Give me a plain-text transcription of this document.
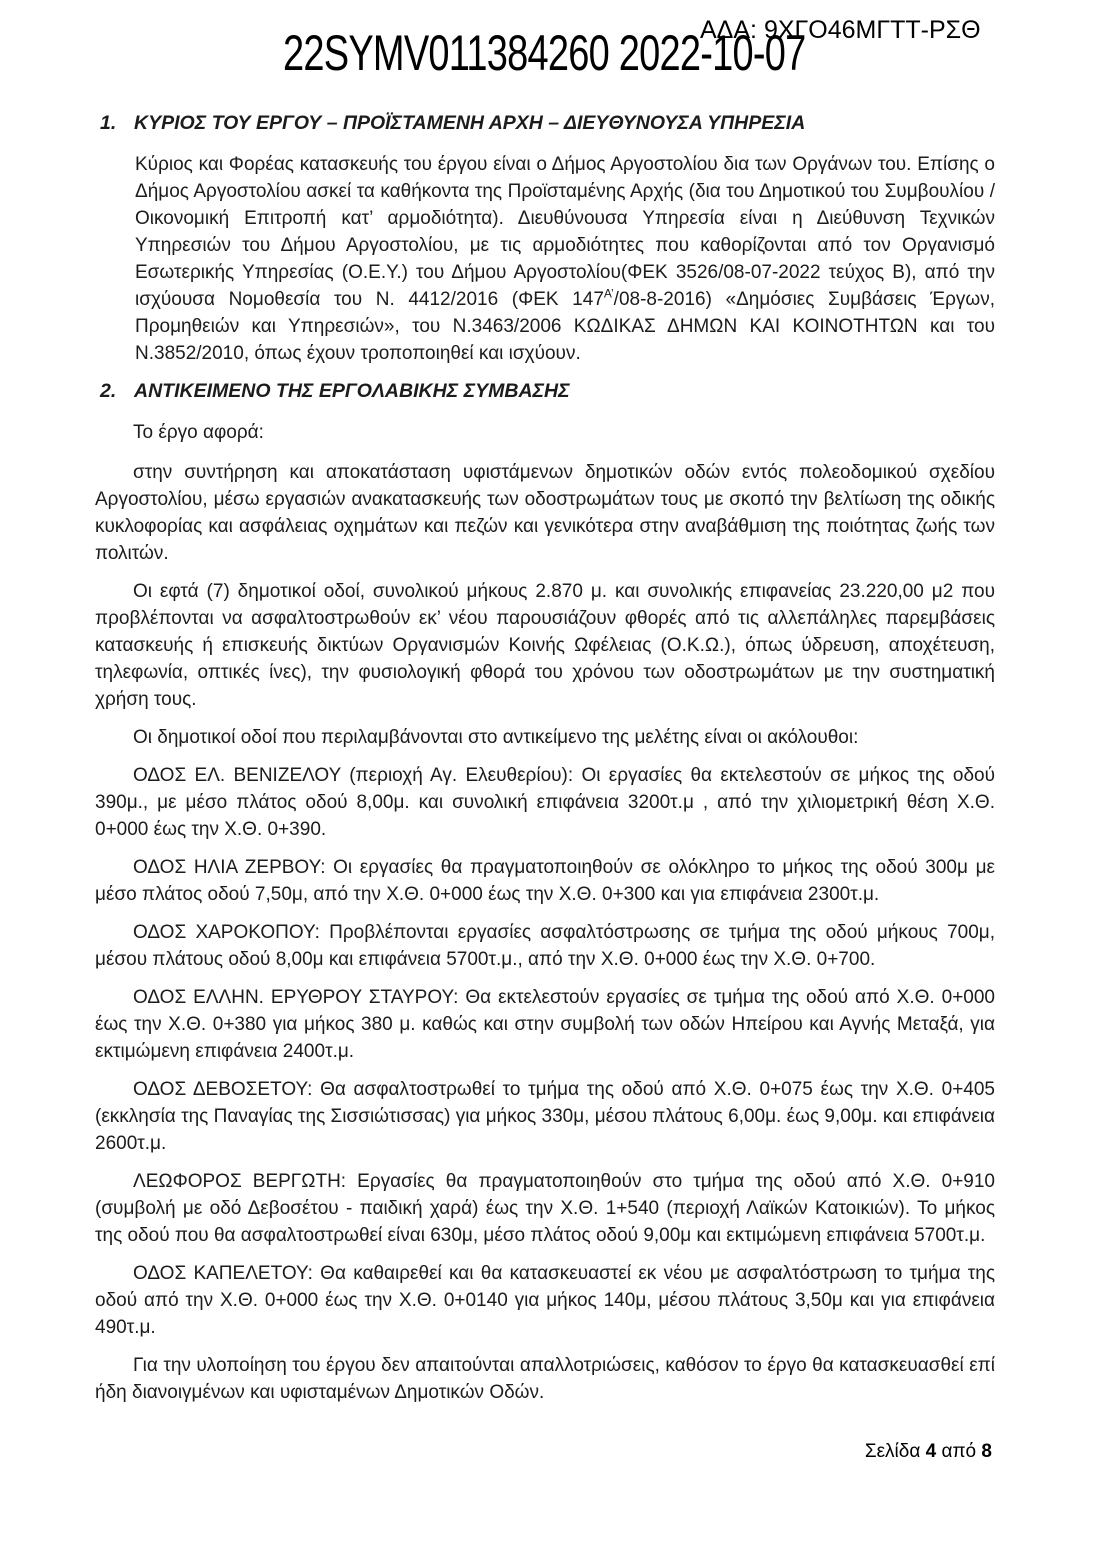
22SYMV011384260 2022-10-07
ΑΔΑ: 9ΧΓΟ46ΜΓΤΤ-ΡΣΘ
1. ΚΥΡΙΟΣ ΤΟΥ ΕΡΓΟΥ – ΠΡΟΪΣΤΑΜΕΝΗ ΑΡΧΗ – ΔΙΕΥΘΥΝΟΥΣΑ ΥΠΗΡΕΣΙΑ

Κύριος και Φορέας κατασκευής του έργου είναι ο Δήμος Αργοστολίου δια των Οργάνων του. Επίσης ο Δήμος Αργοστολίου ασκεί τα καθήκοντα της Προϊσταμένης Αρχής (δια του Δημοτικού του Συμβουλίου / Οικονομική Επιτροπή κατ’ αρμοδιότητα). Διευθύνουσα Υπηρεσία είναι η Διεύθυνση Τεχνικών Υπηρεσιών του Δήμου Αργοστολίου, με τις αρμοδιότητες που καθορίζονται από τον Οργανισμό Εσωτερικής Υπηρεσίας (Ο.Ε.Υ.) του Δήμου Αργοστολίου(ΦΕΚ 3526/08-07-2022 τεύχος Β), από την ισχύουσα Νομοθεσία του Ν. 4412/2016 (ΦΕΚ $147^{A’}/08-8-2016$) «Δημόσιες Συμβάσεις Έργων, Προμηθειών και Υπηρεσιών», του Ν.3463/2006 ΚΩΔΙΚΑΣ ΔΗΜΩΝ ΚΑΙ ΚΟΙΝΟΤΗΤΩΝ και του Ν.3852/2010, όπως έχουν τροποποιηθεί και ισχύουν.

2. ΑΝΤΙΚΕΙΜΕΝΟ ΤΗΣ ΕΡΓΟΛΑΒΙΚΗΣ ΣΥΜΒΑΣΗΣ

Το έργο αφορά:

στην συντήρηση και αποκατάσταση υφιστάμενων δημοτικών οδών εντός πολεοδομικού σχεδίου Αργοστολίου, μέσω εργασιών ανακατασκευής των οδοστρωμάτων τους με σκοπό την βελτίωση της οδικής κυκλοφορίας και ασφάλειας οχημάτων και πεζών και γενικότερα στην αναβάθμιση της ποιότητας ζωής των πολιτών.

Οι εφτά (7) δημοτικοί οδοί, συνολικού μήκους 2.870 μ. και συνολικής επιφανείας 23.220,00 μ2 που προβλέπονται να ασφαλτοστρωθούν εκ’ νέου παρουσιάζουν φθορές από τις αλλεπάληλες παρεμβάσεις κατασκευής ή επισκευής δικτύων Οργανισμών Κοινής Ωφέλειας (Ο.Κ.Ω.), όπως ύδρευση, αποχέτευση, τηλεφωνία, οπτικές ίνες), την φυσιολογική φθορά του χρόνου των οδοστρωμάτων με την συστηματική χρήση τους.

Οι δημοτικοί οδοί που περιλαμβάνονται στο αντικείμενο της μελέτης είναι οι ακόλουθοι:

ΟΔΟΣ ΕΛ. ΒΕΝΙΖΕΛΟΥ (περιοχή Αγ. Ελευθερίου): Οι εργασίες θα εκτελεστούν σε μήκος της οδού 390μ., με μέσο πλάτος οδού 8,00μ. και συνολική επιφάνεια 3200τ.μ , από την χιλιομετρική θέση Χ.Θ. 0+000 έως την Χ.Θ. 0+390.

ΟΔΟΣ ΗΛΙΑ ΖΕΡΒΟΥ: Οι εργασίες θα πραγματοποιηθούν σε ολόκληρο το μήκος της οδού 300μ με μέσο πλάτος οδού 7,50μ, από την Χ.Θ. 0+000 έως την Χ.Θ. 0+300 και για επιφάνεια 2300τ.μ.

ΟΔΟΣ ΧΑΡΟΚΟΠΟΥ: Προβλέπονται εργασίες ασφαλτόστρωσης σε τμήμα της οδού μήκους 700μ, μέσου πλάτους οδού 8,00μ και επιφάνεια 5700τ.μ., από την Χ.Θ. 0+000 έως την Χ.Θ. 0+700.

ΟΔΟΣ ΕΛΛΗΝ. ΕΡΥΘΡΟΥ ΣΤΑΥΡΟΥ: Θα εκτελεστούν εργασίες σε τμήμα της οδού από Χ.Θ. 0+000 έως την Χ.Θ. 0+380 για μήκος 380 μ. καθώς και στην συμβολή των οδών Ηπείρου και Αγνής Μεταξά, για εκτιμώμενη επιφάνεια 2400τ.μ.

ΟΔΟΣ ΔΕΒΟΣΕΤΟΥ: Θα ασφαλτοστρωθεί το τμήμα της οδού από Χ.Θ. 0+075 έως την Χ.Θ. 0+405 (εκκλησία της Παναγίας της Σισσιώτισσας) για μήκος 330μ, μέσου πλάτους 6,00μ. έως 9,00μ. και επιφάνεια 2600τ.μ.

ΛΕΩΦΟΡΟΣ ΒΕΡΓΩΤΗ: Εργασίες θα πραγματοποιηθούν στο τμήμα της οδού από Χ.Θ. 0+910 (συμβολή με οδό Δεβοσέτου - παιδική χαρά) έως την Χ.Θ. 1+540 (περιοχή Λαϊκών Κατοικιών). Το μήκος της οδού που θα ασφαλτοστρωθεί είναι 630μ, μέσο πλάτος οδού 9,00μ και εκτιμώμενη επιφάνεια 5700τ.μ.

ΟΔΟΣ ΚΑΠΕΛΕΤΟΥ: Θα καθαιρεθεί και θα κατασκευαστεί εκ νέου με ασφαλτόστρωση το τμήμα της οδού από την Χ.Θ. 0+000 έως την Χ.Θ. 0+0140 για μήκος 140μ, μέσου πλάτους 3,50μ και για επιφάνεια 490τ.μ.

Για την υλοποίηση του έργου δεν απαιτούνται απαλλοτριώσεις, καθόσον το έργο θα κατασκευασθεί επί ήδη διανοιγμένων και υφισταμένων Δημοτικών Οδών.

Σελίδα 4 από 8
